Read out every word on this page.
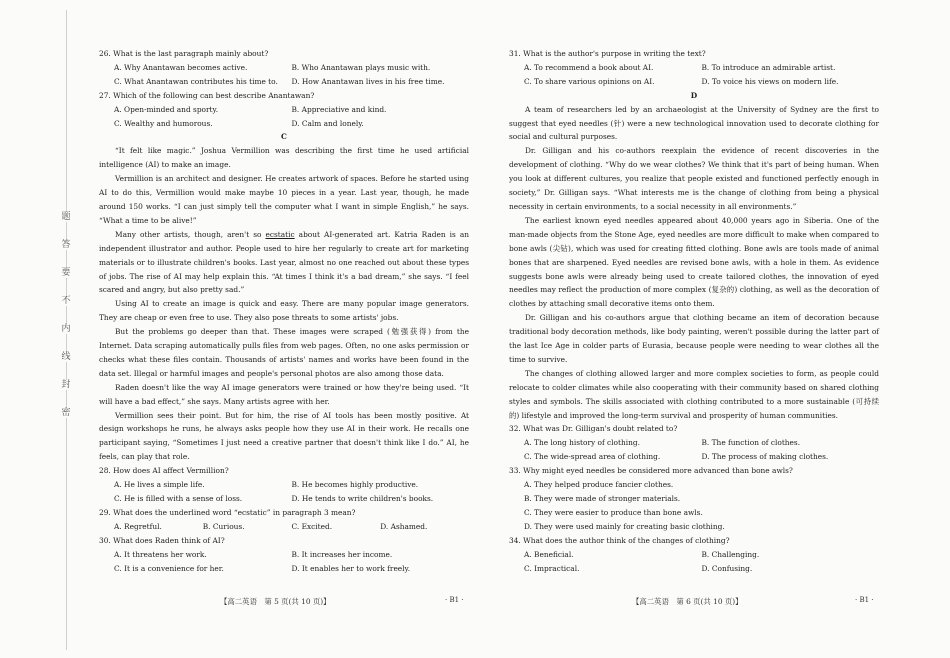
题
答
要
不
内
线
封
密

26. What is the last paragraph mainly about?

A. Why Anantawan becomes active.	B. Who Anantawan plays music with.
C. What Anantawan contributes his time to.	D. How Anantawan lives in his free time.

27. Which of the following can best describe Anantawan?

A. Open-minded and sporty.	B. Appreciative and kind.
C. Wealthy and humorous.	D. Calm and lonely.

C

“It felt like magic.” Joshua Vermillion was describing the first time he used artificial intelligence (AI) to make an image.

Vermillion is an architect and designer. He creates artwork of spaces. Before he started using AI to do this, Vermillion would make maybe 10 pieces in a year. Last year, though, he made around 150 works. “I can just simply tell the computer what I want in simple English,” he says. “What a time to be alive!”

Many other artists, though, aren't so ecstatic about AI-generated art. Katria Raden is an independent illustrator and author. People used to hire her regularly to create art for marketing materials or to illustrate children's books. Last year, almost no one reached out about these types of jobs. The rise of AI may help explain this. “At times I think it's a bad dream,” she says. “I feel scared and angry, but also pretty sad.”

Using AI to create an image is quick and easy. There are many popular image generators. They are cheap or even free to use. They also pose threats to some artists' jobs.

But the problems go deeper than that. These images were scraped (勉强获得) from the Internet. Data scraping automatically pulls files from web pages. Often, no one asks permission or checks what these files contain. Thousands of artists' names and works have been found in the data set. Illegal or harmful images and people's personal photos are also among those data.

Raden doesn't like the way AI image generators were trained or how they're being used. “It will have a bad effect,” she says. Many artists agree with her.

Vermillion sees their point. But for him, the rise of AI tools has been mostly positive. At design workshops he runs, he always asks people how they use AI in their work. He recalls one participant saying, “Sometimes I just need a creative partner that doesn't think like I do.” AI, he feels, can play that role.

28. How does AI affect Vermillion?

A. He lives a simple life.	B. He becomes highly productive.
C. He is filled with a sense of loss.	D. He tends to write children's books.

29. What does the underlined word “ecstatic” in paragraph 3 mean?

A. Regretful.	B. Curious.	C. Excited.	D. Ashamed.

30. What does Raden think of AI?

A. It threatens her work.	B. It increases her income.
C. It is a convenience for her.	D. It enables her to work freely.
【高二英语　第 5 页(共 10 页)】	· B1 ·

31. What is the author's purpose in writing the text?

A. To recommend a book about AI.	B. To introduce an admirable artist.
C. To share various opinions on AI.	D. To voice his views on modern life.

D

A team of researchers led by an archaeologist at the University of Sydney are the first to suggest that eyed needles (针) were a new technological innovation used to decorate clothing for social and cultural purposes.

Dr. Gilligan and his co-authors reexplain the evidence of recent discoveries in the development of clothing. “Why do we wear clothes? We think that it's part of being human. When you look at different cultures, you realize that people existed and functioned perfectly enough in society,” Dr. Gilligan says. “What interests me is the change of clothing from being a physical necessity in certain environments, to a social necessity in all environments.”

The earliest known eyed needles appeared about 40,000 years ago in Siberia. One of the man-made objects from the Stone Age, eyed needles are more difficult to make when compared to bone awls (尖钻), which was used for creating fitted clothing. Bone awls are tools made of animal bones that are sharpened. Eyed needles are revised bone awls, with a hole in them. As evidence suggests bone awls were already being used to create tailored clothes, the innovation of eyed needles may reflect the production of more complex (复杂的) clothing, as well as the decoration of clothes by attaching small decorative items onto them.

Dr. Gilligan and his co-authors argue that clothing became an item of decoration because traditional body decoration methods, like body painting, weren't possible during the latter part of the last Ice Age in colder parts of Eurasia, because people were needing to wear clothes all the time to survive.

The changes of clothing allowed larger and more complex societies to form, as people could relocate to colder climates while also cooperating with their community based on shared clothing styles and symbols. The skills associated with clothing contributed to a more sustainable (可持续的) lifestyle and improved the long-term survival and prosperity of human communities.

32. What was Dr. Gilligan's doubt related to?

A. The long history of clothing.	B. The function of clothes.
C. The wide-spread area of clothing.	D. The process of making clothes.

33. Why might eyed needles be considered more advanced than bone awls?

A. They helped produce fancier clothes.
B. They were made of stronger materials.
C. They were easier to produce than bone awls.
D. They were used mainly for creating basic clothing.

34. What does the author think of the changes of clothing?

A. Beneficial.	B. Challenging.
C. Impractical.	D. Confusing.
【高二英语　第 6 页(共 10 页)】	· B1 ·
